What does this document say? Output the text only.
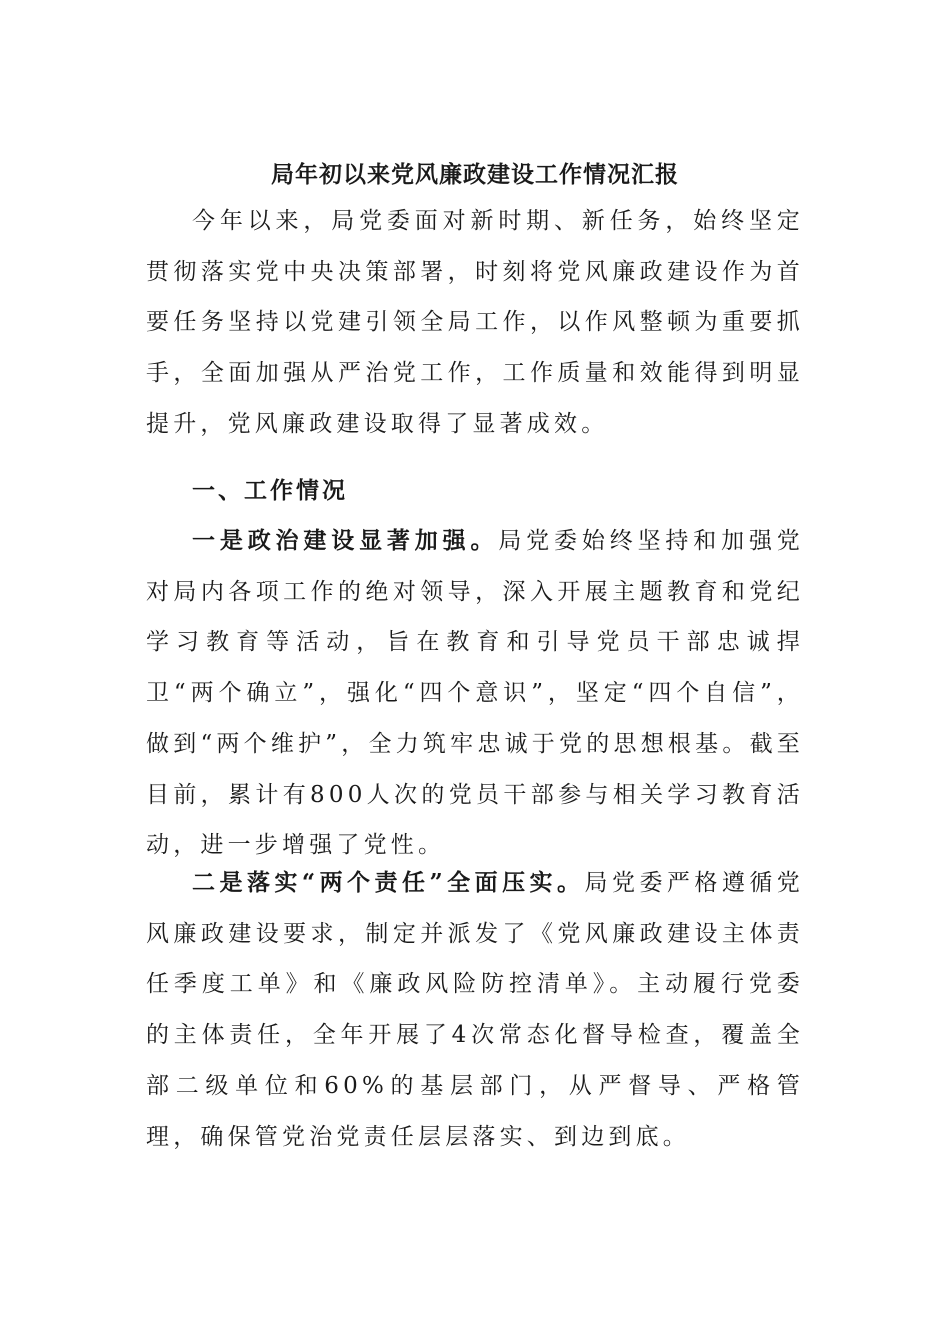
局年初以来党风廉政建设工作情况汇报

今年以来，局党委面对新时期、新任务，始终坚定贯彻落实党中央决策部署，时刻将党风廉政建设作为首要任务坚持以党建引领全局工作，以作风整顿为重要抓手，全面加强从严治党工作，工作质量和效能得到明显提升，党风廉政建设取得了显著成效。

一、工作情况

一是政治建设显著加强。局党委始终坚持和加强党对局内各项工作的绝对领导，深入开展主题教育和党纪学习教育等活动，旨在教育和引导党员干部忠诚捍卫“两个确立”，强化“四个意识”，坚定“四个自信”，做到“两个维护”，全力筑牢忠诚于党的思想根基。截至目前，累计有800人次的党员干部参与相关学习教育活动，进一步增强了党性。

二是落实“两个责任”全面压实。局党委严格遵循党风廉政建设要求，制定并派发了《党风廉政建设主体责任季度工单》和《廉政风险防控清单》。主动履行党委的主体责任，全年开展了4次常态化督导检查，覆盖全部二级单位和60%的基层部门，从严督导、严格管理，确保管党治党责任层层落实、到边到底。
